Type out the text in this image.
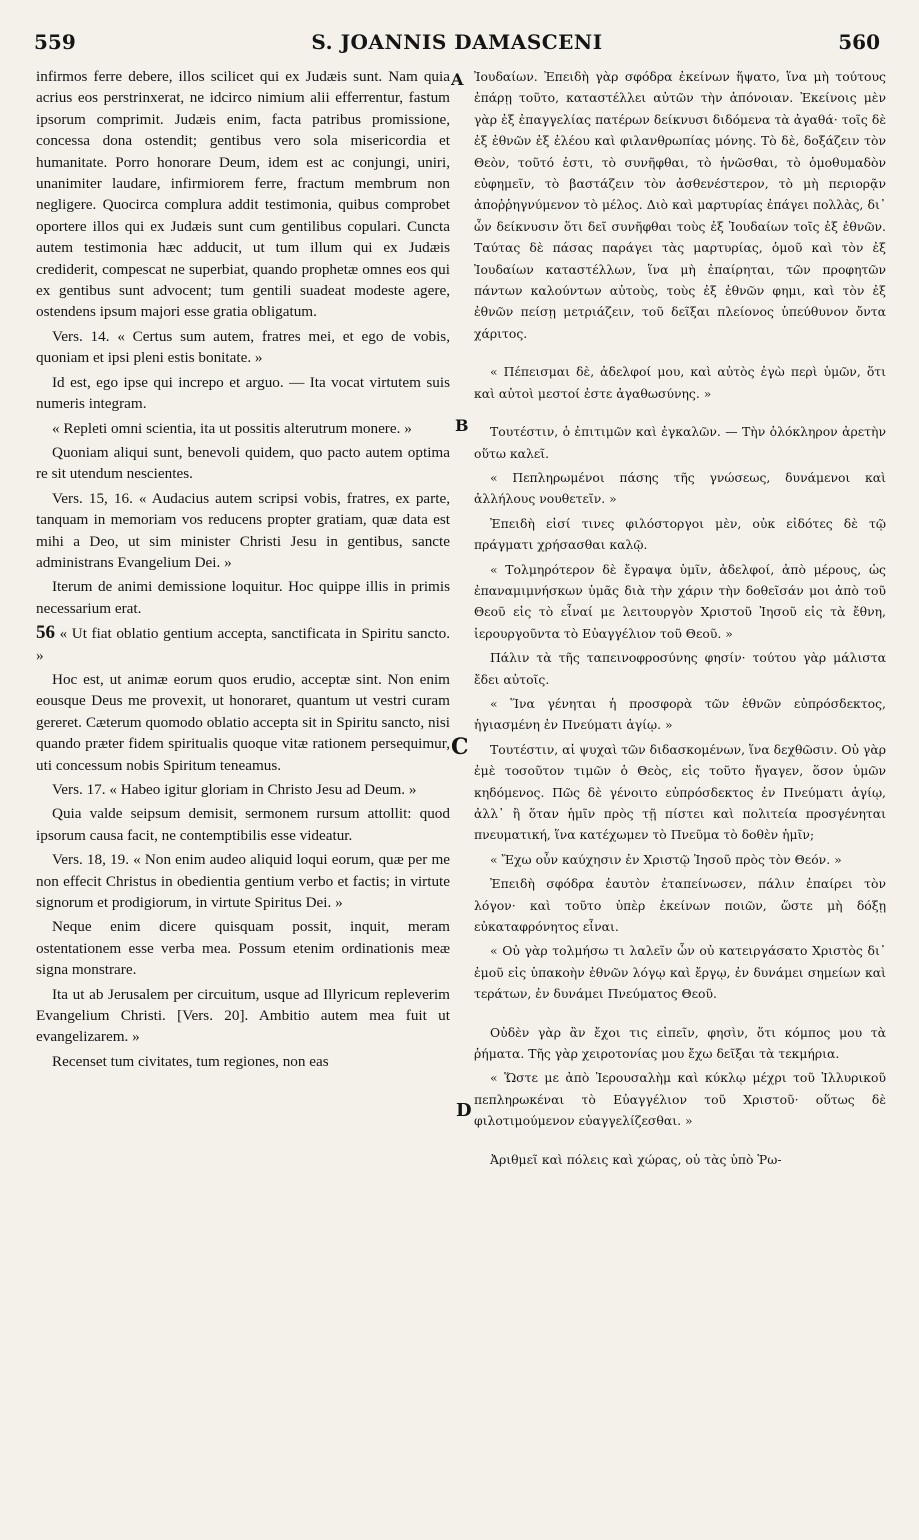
559	S. JOANNIS DAMASCENI	560
A
B
C
D

infirmos ferre debere, illos scilicet qui ex Judæis sunt. Nam quia acrius eos perstrinxerat, ne idcirco nimium alii efferrentur, fastum ipsorum comprimit. Judæis enim, facta patribus promissione, concessa dona ostendit; gentibus vero sola misericordia et humanitate. Porro honorare Deum, idem est ac conjungi, uniri, unanimiter laudare, infirmiorem ferre, fractum membrum non negligere. Quocirca complura addit testimonia, quibus comprobet oportere illos qui ex Judæis sunt cum gentilibus copulari. Cuncta autem testimonia hæc adducit, ut tum illum qui ex Judæis crediderit, compescat ne superbiat, quando prophetæ omnes eos qui ex gentibus sunt advocent; tum gentili suadeat modeste agere, ostendens ipsum majori esse gratia obligatum.

Vers. 14. « Certus sum autem, fratres mei, et ego de vobis, quoniam et ipsi pleni estis bonitate. »

Id est, ego ipse qui increpo et arguo. — Ita vocat virtutem suis numeris integram.

« Repleti omni scientia, ita ut possitis alterutrum monere. »

Quoniam aliqui sunt, benevoli quidem, quo pacto autem optima re sit utendum nescientes.

Vers. 15, 16. « Audacius autem scripsi vobis, fratres, ex parte, tanquam in memoriam vos reducens propter gratiam, quæ data est mihi a Deo, ut sim minister Christi Jesu in gentibus, sancte administrans Evangelium Dei. »

Iterum de animi demissione loquitur. Hoc quippe illis in primis necessarium erat.

56 « Ut fiat oblatio gentium accepta, sanctificata in Spiritu sancto. »

Hoc est, ut animæ eorum quos erudio, acceptæ sint. Non enim eousque Deus me provexit, ut honoraret, quantum ut vestri curam gereret. Cæterum quomodo oblatio accepta sit in Spiritu sancto, nisi quando præter fidem spiritualis quoque vitæ rationem persequimur, uti concessum nobis Spiritum teneamus.

Vers. 17. « Habeo igitur gloriam in Christo Jesu ad Deum. »

Quia valde seipsum demisit, sermonem rursum attollit: quod ipsorum causa facit, ne contemptibilis esse videatur.

Vers. 18, 19. « Non enim audeo aliquid loqui eorum, quæ per me non effecit Christus in obedientia gentium verbo et factis; in virtute signorum et prodigiorum, in virtute Spiritus Dei. »

Neque enim dicere quisquam possit, inquit, meram ostentationem esse verba mea. Possum etenim ordinationis meæ signa monstrare.

Ita ut ab Jerusalem per circuitum, usque ad Illyricum repleverim Evangelium Christi. [Vers. 20]. Ambitio autem mea fuit ut evangelizarem. »

Recenset tum civitates, tum regiones, non eas

Ἰουδαίων. Ἐπειδὴ γὰρ σφόδρα ἐκείνων ἥψατο, ἵνα μὴ τούτους ἐπάρῃ τοῦτο, καταστέλλει αὐτῶν τὴν ἀπόνοιαν. Ἐκείνοις μὲν γὰρ ἐξ ἐπαγγελίας πατέρων δείκνυσι διδόμενα τὰ ἀγαθά· τοῖς δὲ ἐξ ἐθνῶν ἐξ ἐλέου καὶ φιλανθρωπίας μόνης. Τὸ δὲ, δοξάζειν τὸν Θεὸν, τοῦτό ἐστι, τὸ συνῆφθαι, τὸ ἡνῶσθαι, τὸ ὁμοθυμαδὸν εὐφημεῖν, τὸ βαστάζειν τὸν ἀσθενέστερον, τὸ μὴ περιορᾷν ἀποῤῥηγνύμενον τὸ μέλος. Διὸ καὶ μαρτυρίας ἐπάγει πολλὰς, δι᾽ ὧν δείκνυσιν ὅτι δεῖ συνῆφθαι τοὺς ἐξ Ἰουδαίων τοῖς ἐξ ἐθνῶν. Ταύτας δὲ πάσας παράγει τὰς μαρτυρίας, ὁμοῦ καὶ τὸν ἐξ Ἰουδαίων καταστέλλων, ἵνα μὴ ἐπαίρηται, τῶν προφητῶν πάντων καλούντων αὐτοὺς, τοὺς ἐξ ἐθνῶν φημι, καὶ τὸν ἐξ ἐθνῶν πείσῃ μετριάζειν, τοῦ δεῖξαι πλείονος ὑπεύθυνον ὄντα χάριτος.

« Πέπεισμαι δὲ, ἀδελφοί μου, καὶ αὐτὸς ἐγὼ περὶ ὑμῶν, ὅτι καὶ αὐτοὶ μεστοί ἐστε ἀγαθωσύνης. »

Τουτέστιν, ὁ ἐπιτιμῶν καὶ ἐγκαλῶν. — Τὴν ὁλόκληρον ἀρετὴν οὕτω καλεῖ.

« Πεπληρωμένοι πάσης τῆς γνώσεως, δυνάμενοι καὶ ἀλλήλους νουθετεῖν. »

Ἐπειδὴ εἰσί τινες φιλόστοργοι μὲν, οὐκ εἰδότες δὲ τῷ πράγματι χρήσασθαι καλῷ.

« Τολμηρότερον δὲ ἔγραψα ὑμῖν, ἀδελφοί, ἀπὸ μέρους, ὡς ἐπαναμιμνήσκων ὑμᾶς διὰ τὴν χάριν τὴν δοθεῖσάν μοι ἀπὸ τοῦ Θεοῦ εἰς τὸ εἶναί με λειτουργὸν Χριστοῦ Ἰησοῦ εἰς τὰ ἔθνη, ἱερουργοῦντα τὸ Εὐαγγέλιον τοῦ Θεοῦ. »

Πάλιν τὰ τῆς ταπεινοφροσύνης φησίν· τούτου γὰρ μάλιστα ἔδει αὐτοῖς.

« Ἵνα γένηται ἡ προσφορὰ τῶν ἐθνῶν εὐπρόσδεκτος, ἡγιασμένη ἐν Πνεύματι ἁγίῳ. »

Τουτέστιν, αἱ ψυχαὶ τῶν διδασκομένων, ἵνα δεχθῶσιν. Οὐ γὰρ ἐμὲ τοσοῦτον τιμῶν ὁ Θεὸς, εἰς τοῦτο ἤγαγεν, ὅσον ὑμῶν κηδόμενος. Πῶς δὲ γένοιτο εὐπρόσδεκτος ἐν Πνεύματι ἁγίῳ, ἀλλ᾽ ἢ ὅταν ἡμῖν πρὸς τῇ πίστει καὶ πολιτεία προσγένηται πνευματική, ἵνα κατέχωμεν τὸ Πνεῦμα τὸ δοθὲν ἡμῖν;

« Ἔχω οὖν καύχησιν ἐν Χριστῷ Ἰησοῦ πρὸς τὸν Θεόν. »

Ἐπειδὴ σφόδρα ἑαυτὸν ἐταπείνωσεν, πάλιν ἐπαίρει τὸν λόγον· καὶ τοῦτο ὑπὲρ ἐκείνων ποιῶν, ὥστε μὴ δόξῃ εὐκαταφρόνητος εἶναι.

« Οὐ γὰρ τολμήσω τι λαλεῖν ὧν οὐ κατειργάσατο Χριστὸς δι᾽ ἐμοῦ εἰς ὑπακοὴν ἐθνῶν λόγῳ καὶ ἔργῳ, ἐν δυνάμει σημείων καὶ τεράτων, ἐν δυνάμει Πνεύματος Θεοῦ.

Οὐδὲν γὰρ ἂν ἔχοι τις εἰπεῖν, φησὶν, ὅτι κόμπος μου τὰ ῥήματα. Τῆς γὰρ χειροτονίας μου ἔχω δεῖξαι τὰ τεκμήρια.

« Ὥστε με ἀπὸ Ἱερουσαλὴμ καὶ κύκλῳ μέχρι τοῦ Ἰλλυρικοῦ πεπληρωκέναι τὸ Εὐαγγέλιον τοῦ Χριστοῦ· οὕτως δὲ φιλοτιμούμενον εὐαγγελίζεσθαι. »

Ἀριθμεῖ καὶ πόλεις καὶ χώρας, οὐ τὰς ὑπὸ Ῥω-
